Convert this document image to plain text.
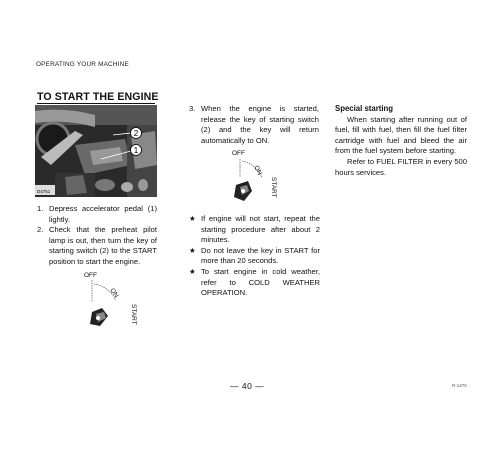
OPERATING YOUR MACHINE
TO START THE ENGINE
2
1
D4751
1. Depress accelerator pedal (1) lightly.
2. Check that the preheat pilot lamp is out, then turn the key of starting switch (2) to the START position to start the engine.
OFF
ON
START
3. When the engine is started, release the key of starting switch (2) and the key will return automatically to ON.
OFF
ON
START
★ If engine will not start, repeat the starting procedure after about 2 minutes.
★ Do not leave the key in START for more than 20 seconds.
★ To start engine in cold weather, refer to COLD WEATHER OPERATION.
Special starting

When starting after running out of fuel, fill with fuel, then fill the fuel filter cartridge with fuel and bleed the air from the fuel system before starting.

Refer to FUEL FILTER in every 500 hours services.

— 40 —	R-1470
